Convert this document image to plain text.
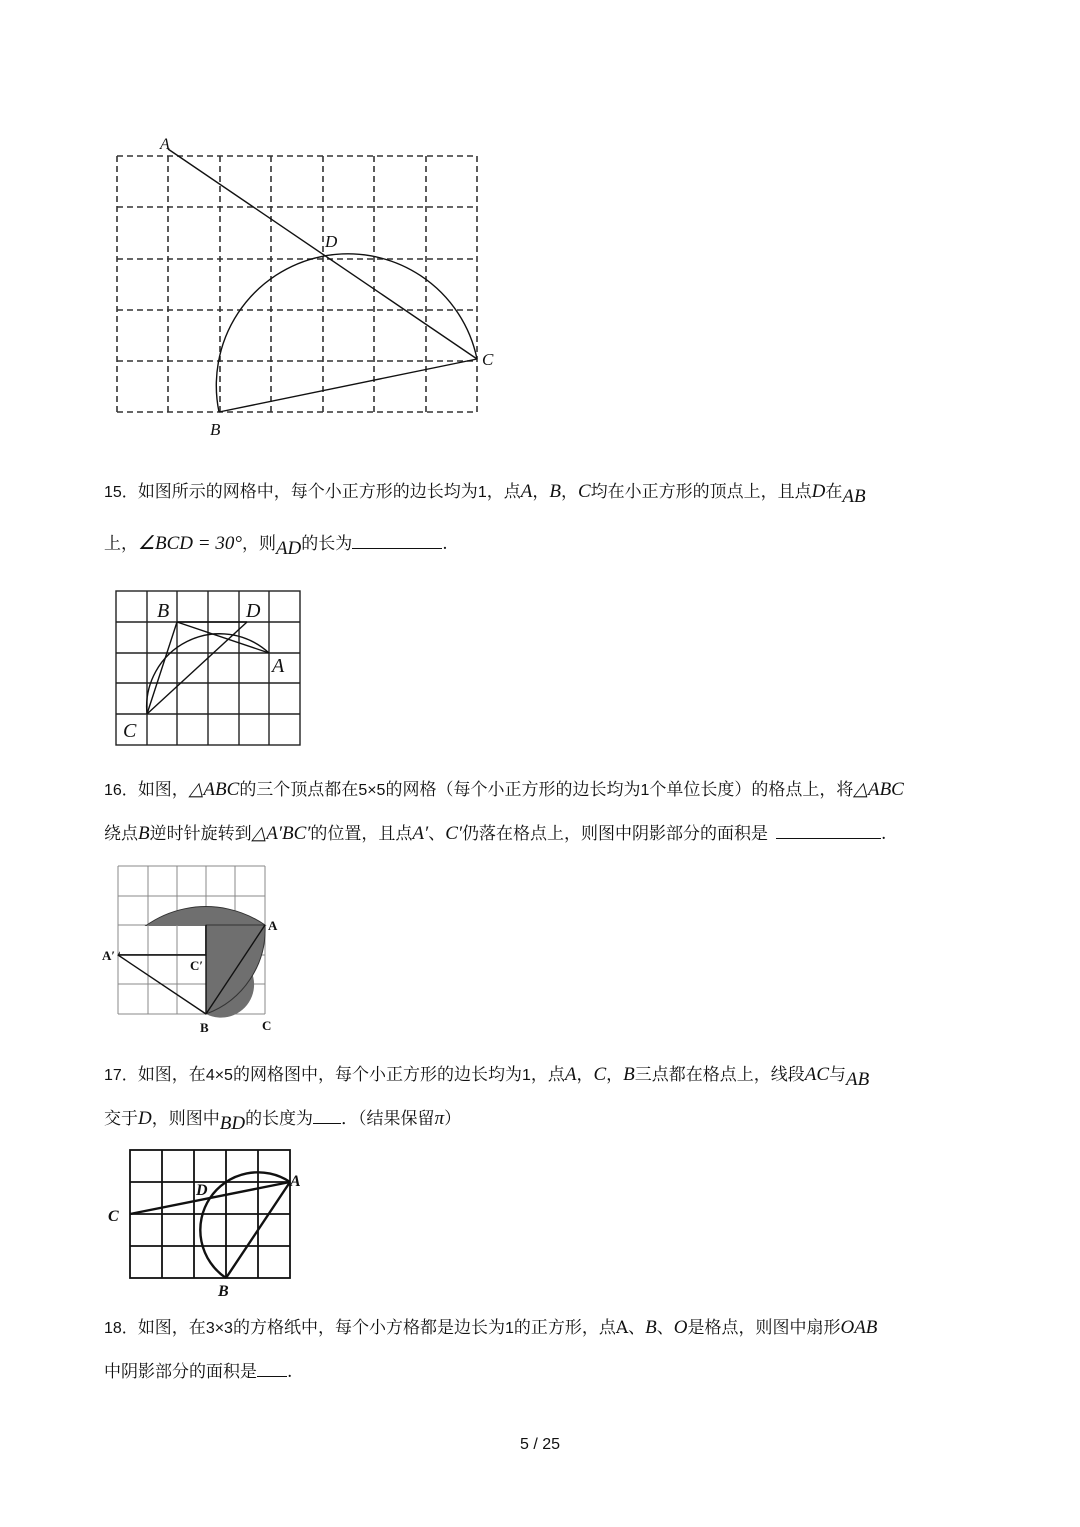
A
D
C
B
15．如图所示的网格中，每个小正方形的边长均为1，点A，B，C均在小正方形的顶点上，且点D在AB
上，∠BCD = 30°，则AD的长为	.
B	D
A
C
16．如图，△ABC的三个顶点都在5×5的网格（每个小正方形的边长均为1个单位长度）的格点上，将△ABC
绕点B逆时针旋转到△A′BC′的位置，且点A′、C′仍落在格点上，则图中阴影部分的面积是	.
A
A′
C′
B	C
17．如图，在4×5的网格图中，每个小正方形的边长均为1，点A，C，B三点都在格点上，线段AC与AB
交于D，则图中BD的长度为 ．（结果保留π）
A
D
C
B
18．如图，在3×3的方格纸中，每个小方格都是边长为1的正方形，点A、B、O是格点，则图中扇形OAB
中阴影部分的面积是 .
5 / 25
